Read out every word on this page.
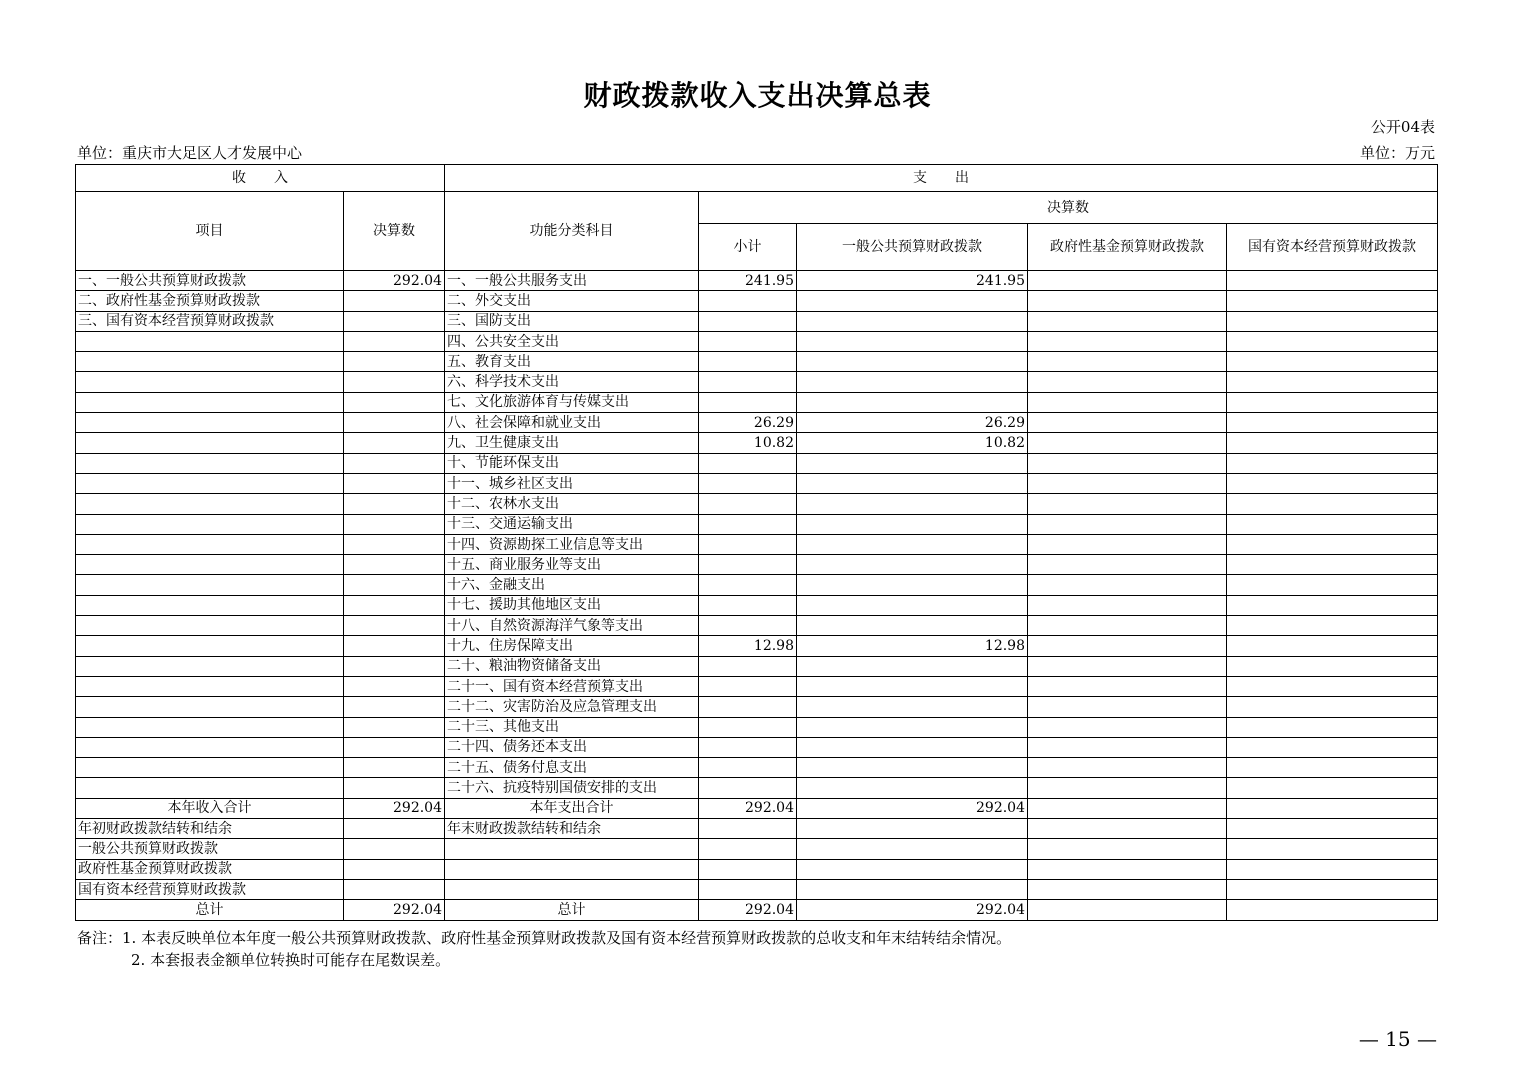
财政拨款收入支出决算总表
公开04表
单位：重庆市大足区人才发展中心	单位：万元
收　　入		支　　出				
项目	决算数	功能分类科目	决算数			
			小计	一般公共预算财政拨款	政府性基金预算财政拨款	国有资本经营预算财政拨款
一、一般公共预算财政拨款	292.04	一、一般公共服务支出	241.95	241.95		
二、政府性基金预算财政拨款		二、外交支出				
三、国有资本经营预算财政拨款		三、国防支出				
		四、公共安全支出				
		五、教育支出				
		六、科学技术支出				
		七、文化旅游体育与传媒支出				
		八、社会保障和就业支出	26.29	26.29		
		九、卫生健康支出	10.82	10.82		
		十、节能环保支出				
		十一、城乡社区支出				
		十二、农林水支出				
		十三、交通运输支出				
		十四、资源勘探工业信息等支出				
		十五、商业服务业等支出				
		十六、金融支出				
		十七、援助其他地区支出				
		十八、自然资源海洋气象等支出				
		十九、住房保障支出	12.98	12.98		
		二十、粮油物资储备支出				
		二十一、国有资本经营预算支出				
		二十二、灾害防治及应急管理支出				
		二十三、其他支出				
		二十四、债务还本支出				
		二十五、债务付息支出				
		二十六、抗疫特别国债安排的支出				
本年收入合计	292.04	本年支出合计	292.04	292.04		
年初财政拨款结转和结余		年末财政拨款结转和结余				
一般公共预算财政拨款						
政府性基金预算财政拨款						
国有资本经营预算财政拨款						
总计	292.04	总计	292.04	292.04		
备注：1. 本表反映单位本年度一般公共预算财政拨款、政府性基金预算财政拨款及国有资本经营预算财政拨款的总收支和年末结转结余情况。
2. 本套报表金额单位转换时可能存在尾数误差。
— 15 —
